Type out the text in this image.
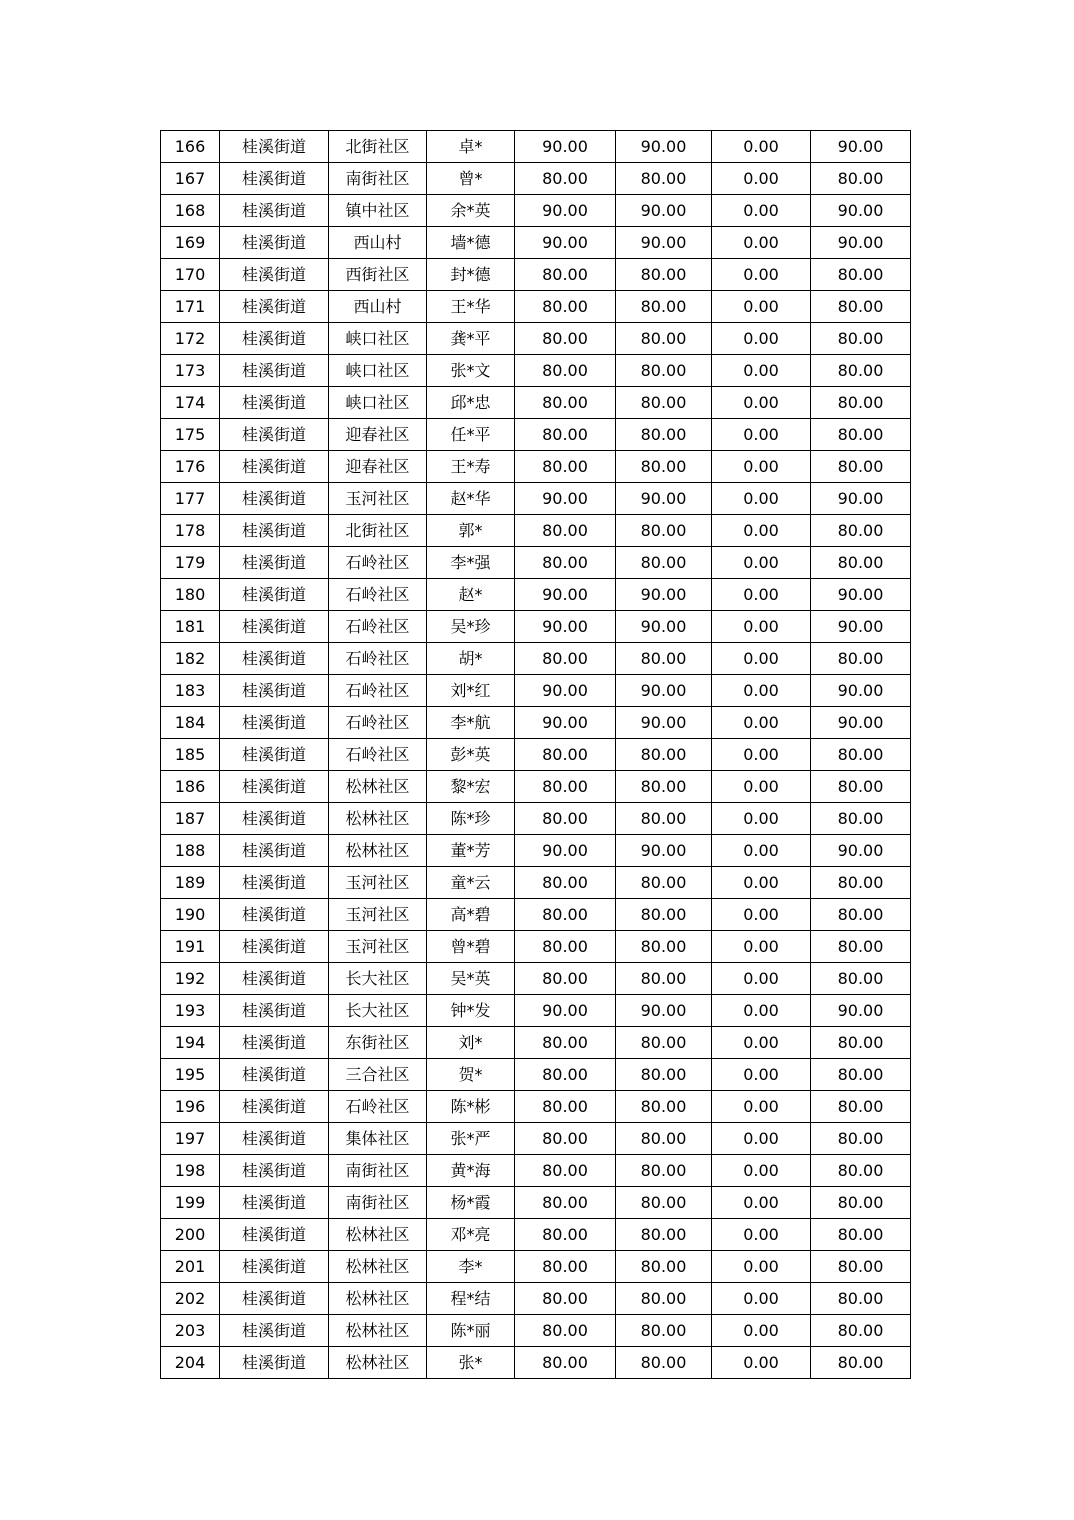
166	桂溪街道	北街社区	卓*	90.00	90.00	0.00	90.00
167	桂溪街道	南街社区	曾*	80.00	80.00	0.00	80.00
168	桂溪街道	镇中社区	余*英	90.00	90.00	0.00	90.00
169	桂溪街道	西山村	墙*德	90.00	90.00	0.00	90.00
170	桂溪街道	西街社区	封*德	80.00	80.00	0.00	80.00
171	桂溪街道	西山村	王*华	80.00	80.00	0.00	80.00
172	桂溪街道	峡口社区	龚*平	80.00	80.00	0.00	80.00
173	桂溪街道	峡口社区	张*文	80.00	80.00	0.00	80.00
174	桂溪街道	峡口社区	邱*忠	80.00	80.00	0.00	80.00
175	桂溪街道	迎春社区	任*平	80.00	80.00	0.00	80.00
176	桂溪街道	迎春社区	王*寿	80.00	80.00	0.00	80.00
177	桂溪街道	玉河社区	赵*华	90.00	90.00	0.00	90.00
178	桂溪街道	北街社区	郭*	80.00	80.00	0.00	80.00
179	桂溪街道	石岭社区	李*强	80.00	80.00	0.00	80.00
180	桂溪街道	石岭社区	赵*	90.00	90.00	0.00	90.00
181	桂溪街道	石岭社区	吴*珍	90.00	90.00	0.00	90.00
182	桂溪街道	石岭社区	胡*	80.00	80.00	0.00	80.00
183	桂溪街道	石岭社区	刘*红	90.00	90.00	0.00	90.00
184	桂溪街道	石岭社区	李*航	90.00	90.00	0.00	90.00
185	桂溪街道	石岭社区	彭*英	80.00	80.00	0.00	80.00
186	桂溪街道	松林社区	黎*宏	80.00	80.00	0.00	80.00
187	桂溪街道	松林社区	陈*珍	80.00	80.00	0.00	80.00
188	桂溪街道	松林社区	董*芳	90.00	90.00	0.00	90.00
189	桂溪街道	玉河社区	童*云	80.00	80.00	0.00	80.00
190	桂溪街道	玉河社区	高*碧	80.00	80.00	0.00	80.00
191	桂溪街道	玉河社区	曾*碧	80.00	80.00	0.00	80.00
192	桂溪街道	长大社区	吴*英	80.00	80.00	0.00	80.00
193	桂溪街道	长大社区	钟*发	90.00	90.00	0.00	90.00
194	桂溪街道	东街社区	刘*	80.00	80.00	0.00	80.00
195	桂溪街道	三合社区	贺*	80.00	80.00	0.00	80.00
196	桂溪街道	石岭社区	陈*彬	80.00	80.00	0.00	80.00
197	桂溪街道	集体社区	张*严	80.00	80.00	0.00	80.00
198	桂溪街道	南街社区	黄*海	80.00	80.00	0.00	80.00
199	桂溪街道	南街社区	杨*霞	80.00	80.00	0.00	80.00
200	桂溪街道	松林社区	邓*亮	80.00	80.00	0.00	80.00
201	桂溪街道	松林社区	李*	80.00	80.00	0.00	80.00
202	桂溪街道	松林社区	程*结	80.00	80.00	0.00	80.00
203	桂溪街道	松林社区	陈*丽	80.00	80.00	0.00	80.00
204	桂溪街道	松林社区	张*	80.00	80.00	0.00	80.00
